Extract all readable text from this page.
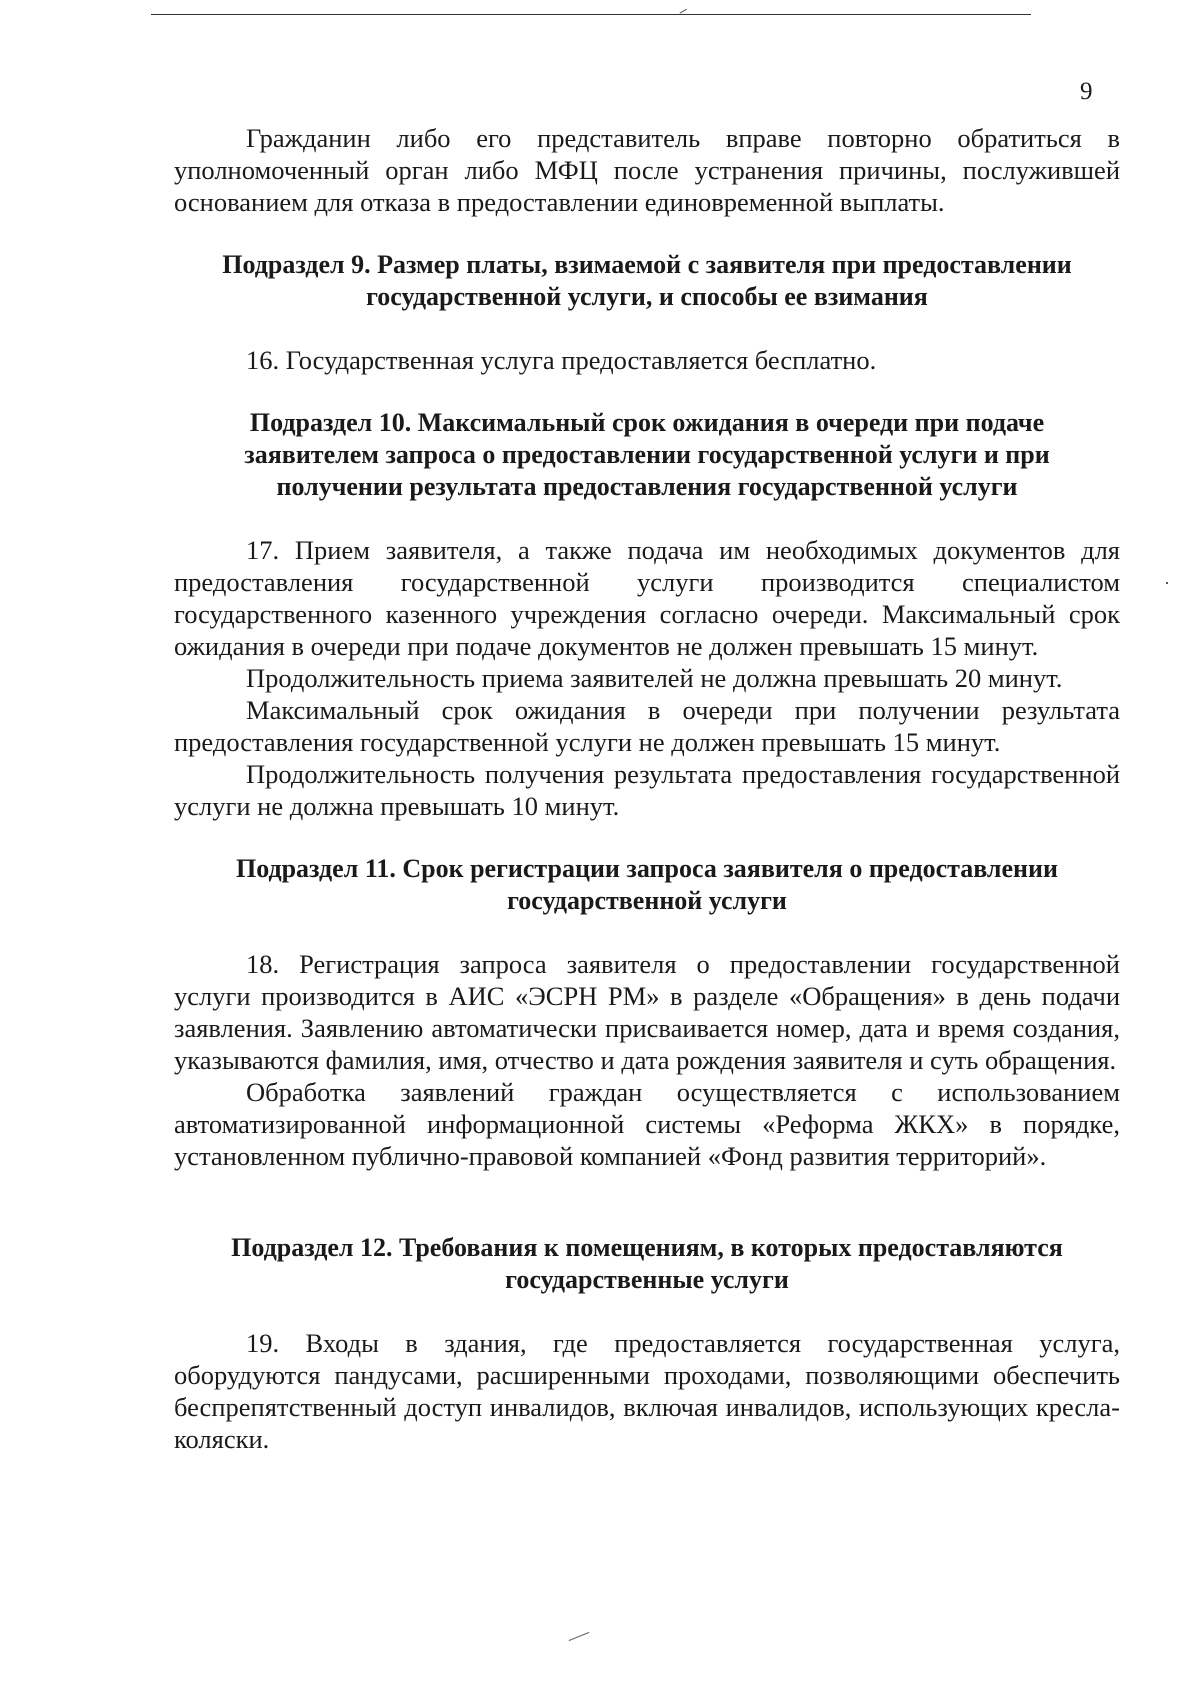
9

Гражданин либо его представитель вправе повторно обратиться в уполномоченный орган либо МФЦ после устранения причины, послужившей основанием для отказа в предоставлении единовременной выплаты.

Подраздел 9. Размер платы, взимаемой с заявителя при предоставлении государственной услуги, и способы ее взимания

16. Государственная услуга предоставляется бесплатно.

Подраздел 10. Максимальный срок ожидания в очереди при подаче заявителем запроса о предоставлении государственной услуги и при получении результата предоставления государственной услуги

17. Прием заявителя, а также подача им необходимых документов для предоставления государственной услуги производится специалистом государственного казенного учреждения согласно очереди. Максимальный срок ожидания в очереди при подаче документов не должен превышать 15 минут.

Продолжительность приема заявителей не должна превышать 20 минут.

Максимальный срок ожидания в очереди при получении результата предоставления государственной услуги не должен превышать 15 минут.

Продолжительность получения результата предоставления государственной услуги не должна превышать 10 минут.

Подраздел 11. Срок регистрации запроса заявителя о предоставлении государственной услуги

18. Регистрация запроса заявителя о предоставлении государственной услуги производится в АИС «ЭСРН РМ» в разделе «Обращения» в день подачи заявления. Заявлению автоматически присваивается номер, дата и время создания, указываются фамилия, имя, отчество и дата рождения заявителя и суть обращения.

Обработка заявлений граждан осуществляется с использованием автоматизированной информационной системы «Реформа ЖКХ» в порядке, установленном публично-правовой компанией «Фонд развития территорий».

Подраздел 12. Требования к помещениям, в которых предоставляются государственные услуги

19. Входы в здания, где предоставляется государственная услуга, оборудуются пандусами, расширенными проходами, позволяющими обеспечить беспрепятственный доступ инвалидов, включая инвалидов, использующих кресла-коляски.
